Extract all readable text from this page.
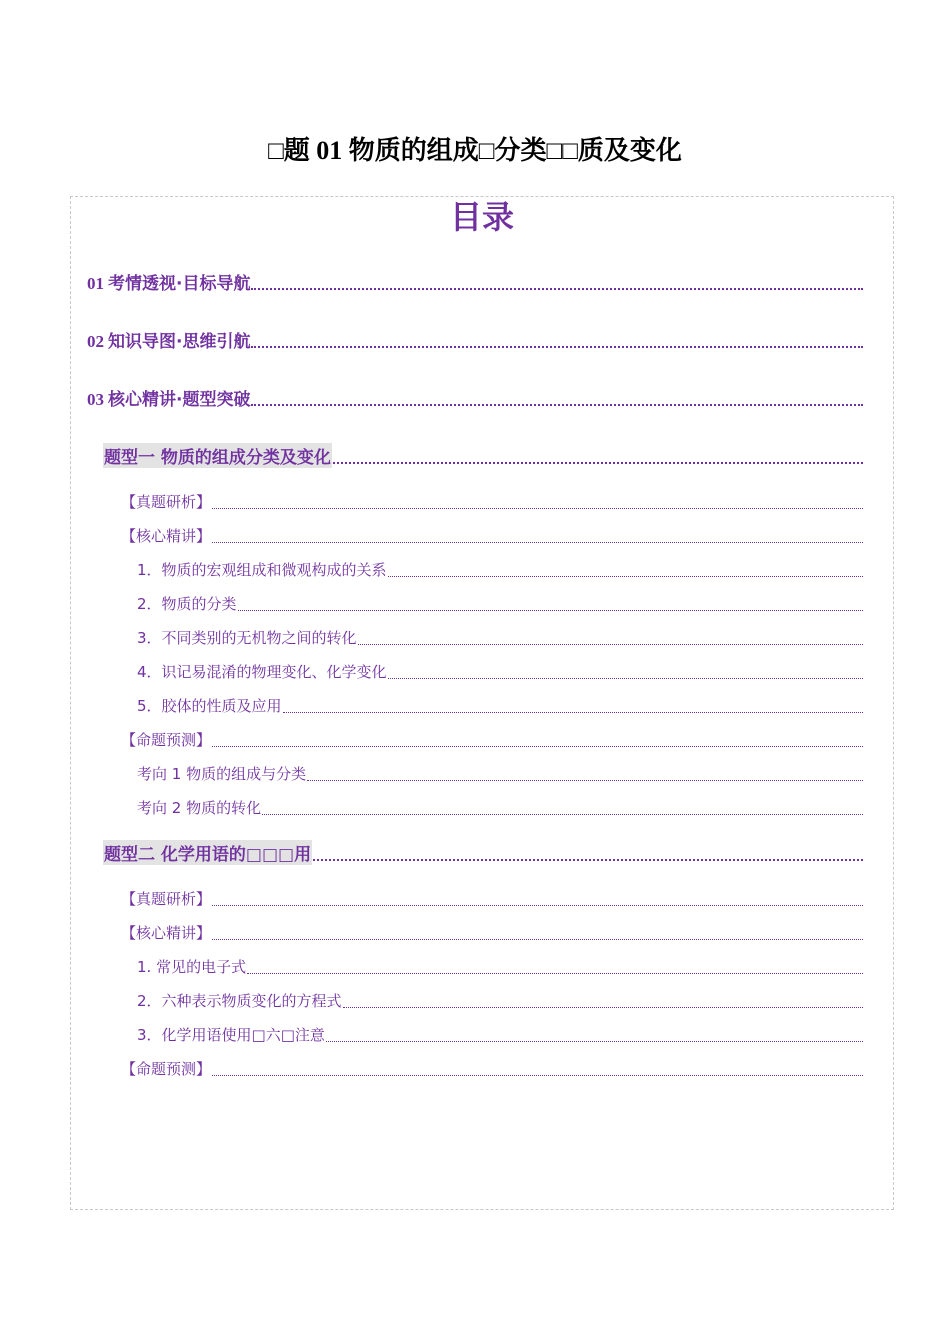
□题 01 物质的组成□分类□□质及变化
目录
01 考情透视·目标导航
02 知识导图·思维引航
03 核心精讲·题型突破
题型一 物质的组成分类及变化
【真题研析】
【核心精讲】
1．物质的宏观组成和微观构成的关系
2．物质的分类
3．不同类别的无机物之间的转化
4．识记易混淆的物理变化、化学变化
5．胶体的性质及应用
【命题预测】
考向 1 物质的组成与分类
考向 2 物质的转化
题型二 化学用语的□□□用
【真题研析】
【核心精讲】
1. 常见的电子式
2．六种表示物质变化的方程式
3．化学用语使用□六□注意
【命题预测】
